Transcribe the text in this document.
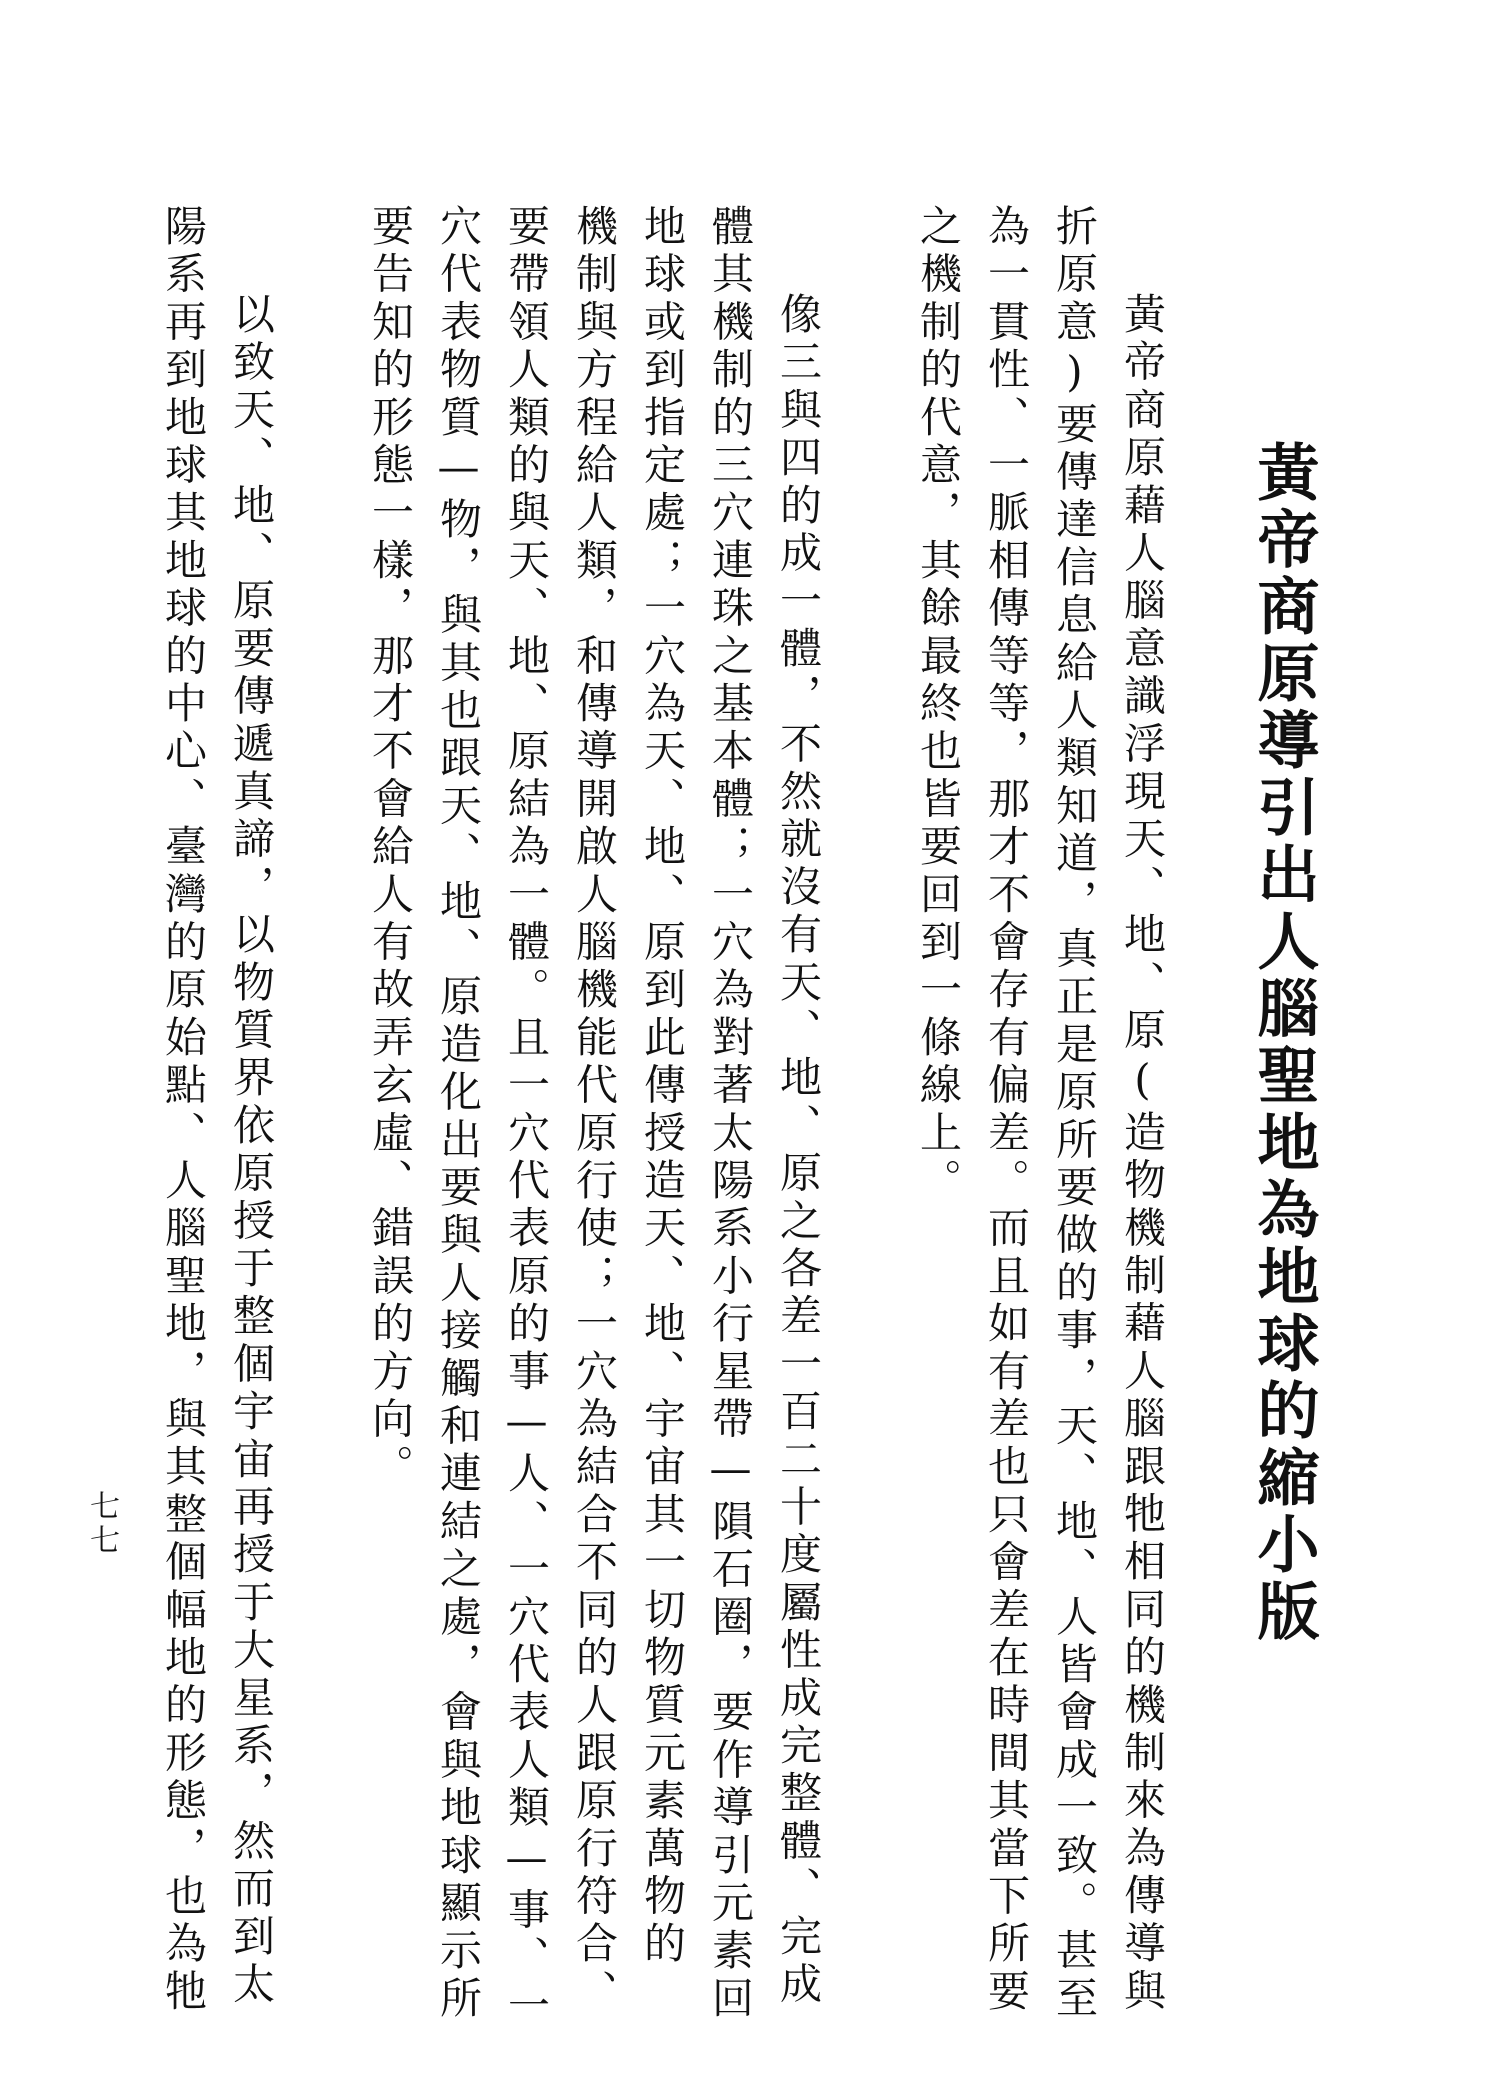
黃帝商原導引出人腦聖地為地球的縮小版
黃帝商原藉人腦意識浮現天、地、原(造物機制藉人腦跟牠相同的機制來為傳導與
折原意)要傳達信息給人類知道，真正是原所要做的事，天、地、人皆會成一致。甚至
為一貫性、一脈相傳等等，那才不會存有偏差。而且如有差也只會差在時間其當下所要
之機制的代意，其餘最終也皆要回到一條線上。
像三與四的成一體，不然就沒有天、地、原之各差一百二十度屬性成完整體、完成
體其機制的三穴連珠之基本體；一穴為對著太陽系小行星帶—隕石圈，要作導引元素回
地球或到指定處；一穴為天、地、原到此傳授造天、地、宇宙其一切物質元素萬物的
機制與方程給人類，和傳導開啟人腦機能代原行使；一穴為結合不同的人跟原行符合、
要帶領人類的與天、地、原結為一體。且一穴代表原的事—人、一穴代表人類—事、一
穴代表物質—物，與其也跟天、地、原造化出要與人接觸和連結之處，會與地球顯示所
要告知的形態一樣，那才不會給人有故弄玄虛、錯誤的方向。
以致天、地、原要傳遞真諦，以物質界依原授于整個宇宙再授于大星系，然而到太
陽系再到地球其地球的中心、臺灣的原始點、人腦聖地，與其整個幅地的形態，也為牠
七七
